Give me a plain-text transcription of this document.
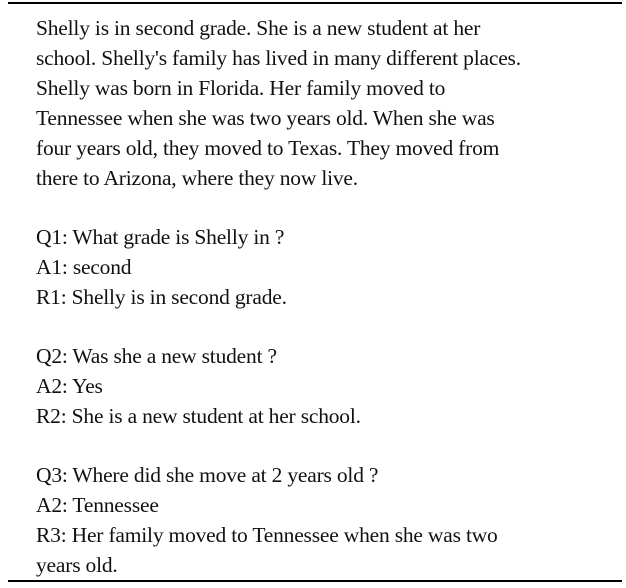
Shelly is in second grade. She is a new student at her
school. Shelly's family has lived in many different places.
Shelly was born in Florida. Her family moved to
Tennessee when she was two years old. When she was
four years old, they moved to Texas. They moved from
there to Arizona, where they now live.
Q1: What grade is Shelly in ?
A1: second
R1: Shelly is in second grade.
Q2: Was she a new student ?
A2: Yes
R2: She is a new student at her school.
Q3: Where did she move at 2 years old ?
A2: Tennessee
R3: Her family moved to Tennessee when she was two
years old.
